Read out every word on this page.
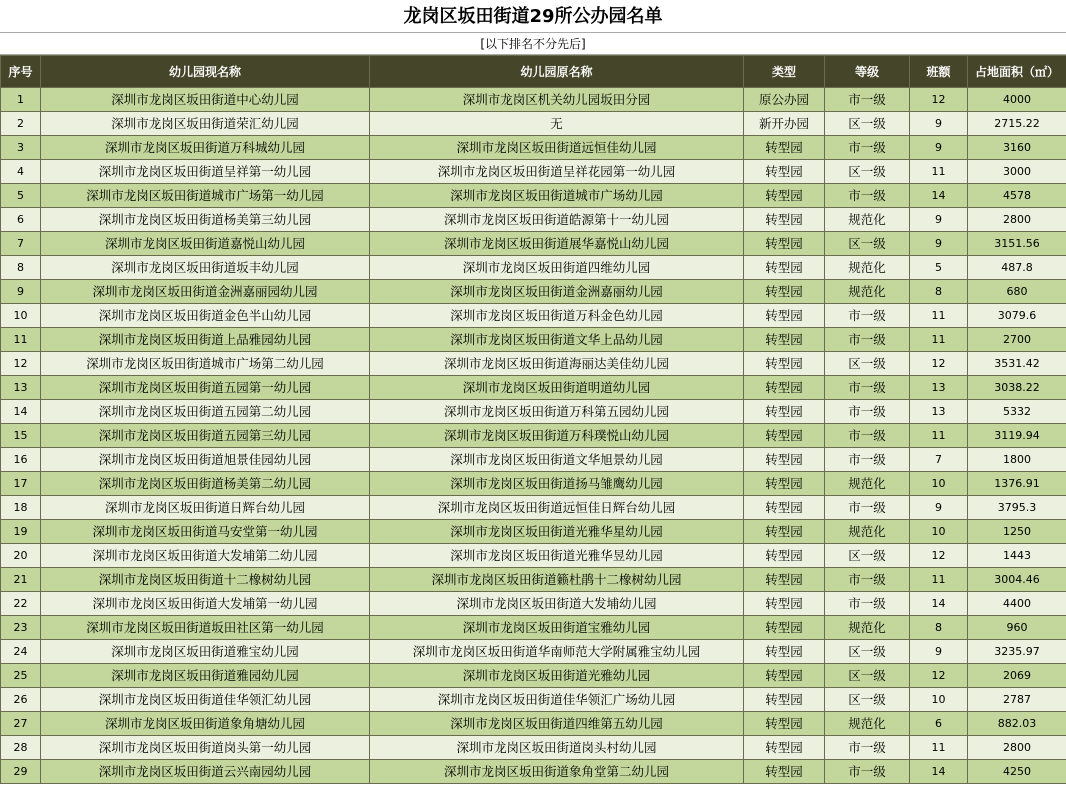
龙岗区坂田街道29所公办园名单
[以下排名不分先后]
序号	幼儿园现名称	幼儿园原名称	类型	等级	班额	占地面积（㎡）
1	深圳市龙岗区坂田街道中心幼儿园	深圳市龙岗区机关幼儿园坂田分园	原公办园	市一级	12	4000
2	深圳市龙岗区坂田街道荣汇幼儿园	无	新开办园	区一级	9	2715.22
3	深圳市龙岗区坂田街道万科城幼儿园	深圳市龙岗区坂田街道远恒佳幼儿园	转型园	市一级	9	3160
4	深圳市龙岗区坂田街道呈祥第一幼儿园	深圳市龙岗区坂田街道呈祥花园第一幼儿园	转型园	区一级	11	3000
5	深圳市龙岗区坂田街道城市广场第一幼儿园	深圳市龙岗区坂田街道城市广场幼儿园	转型园	市一级	14	4578
6	深圳市龙岗区坂田街道杨美第三幼儿园	深圳市龙岗区坂田街道皓源第十一幼儿园	转型园	规范化	9	2800
7	深圳市龙岗区坂田街道嘉悦山幼儿园	深圳市龙岗区坂田街道展华嘉悦山幼儿园	转型园	区一级	9	3151.56
8	深圳市龙岗区坂田街道坂丰幼儿园	深圳市龙岗区坂田街道四维幼儿园	转型园	规范化	5	487.8
9	深圳市龙岗区坂田街道金洲嘉丽园幼儿园	深圳市龙岗区坂田街道金洲嘉丽幼儿园	转型园	规范化	8	680
10	深圳市龙岗区坂田街道金色半山幼儿园	深圳市龙岗区坂田街道万科金色幼儿园	转型园	市一级	11	3079.6
11	深圳市龙岗区坂田街道上品雅园幼儿园	深圳市龙岗区坂田街道文华上品幼儿园	转型园	市一级	11	2700
12	深圳市龙岗区坂田街道城市广场第二幼儿园	深圳市龙岗区坂田街道海丽达美佳幼儿园	转型园	区一级	12	3531.42
13	深圳市龙岗区坂田街道五园第一幼儿园	深圳市龙岗区坂田街道明道幼儿园	转型园	市一级	13	3038.22
14	深圳市龙岗区坂田街道五园第二幼儿园	深圳市龙岗区坂田街道万科第五园幼儿园	转型园	市一级	13	5332
15	深圳市龙岗区坂田街道五园第三幼儿园	深圳市龙岗区坂田街道万科璞悦山幼儿园	转型园	市一级	11	3119.94
16	深圳市龙岗区坂田街道旭景佳园幼儿园	深圳市龙岗区坂田街道文华旭景幼儿园	转型园	市一级	7	1800
17	深圳市龙岗区坂田街道杨美第二幼儿园	深圳市龙岗区坂田街道扬马雏鹰幼儿园	转型园	规范化	10	1376.91
18	深圳市龙岗区坂田街道日辉台幼儿园	深圳市龙岗区坂田街道远恒佳日辉台幼儿园	转型园	市一级	9	3795.3
19	深圳市龙岗区坂田街道马安堂第一幼儿园	深圳市龙岗区坂田街道光雅华星幼儿园	转型园	规范化	10	1250
20	深圳市龙岗区坂田街道大发埔第二幼儿园	深圳市龙岗区坂田街道光雅华昱幼儿园	转型园	区一级	12	1443
21	深圳市龙岗区坂田街道十二橡树幼儿园	深圳市龙岗区坂田街道籁杜鹃十二橡树幼儿园	转型园	市一级	11	3004.46
22	深圳市龙岗区坂田街道大发埔第一幼儿园	深圳市龙岗区坂田街道大发埔幼儿园	转型园	市一级	14	4400
23	深圳市龙岗区坂田街道坂田社区第一幼儿园	深圳市龙岗区坂田街道宝雅幼儿园	转型园	规范化	8	960
24	深圳市龙岗区坂田街道雅宝幼儿园	深圳市龙岗区坂田街道华南师范大学附属雅宝幼儿园	转型园	区一级	9	3235.97
25	深圳市龙岗区坂田街道雅园幼儿园	深圳市龙岗区坂田街道光雅幼儿园	转型园	区一级	12	2069
26	深圳市龙岗区坂田街道佳华领汇幼儿园	深圳市龙岗区坂田街道佳华领汇广场幼儿园	转型园	区一级	10	2787
27	深圳市龙岗区坂田街道象角塘幼儿园	深圳市龙岗区坂田街道四维第五幼儿园	转型园	规范化	6	882.03
28	深圳市龙岗区坂田街道岗头第一幼儿园	深圳市龙岗区坂田街道岗头村幼儿园	转型园	市一级	11	2800
29	深圳市龙岗区坂田街道云兴南园幼儿园	深圳市龙岗区坂田街道象角堂第二幼儿园	转型园	市一级	14	4250
